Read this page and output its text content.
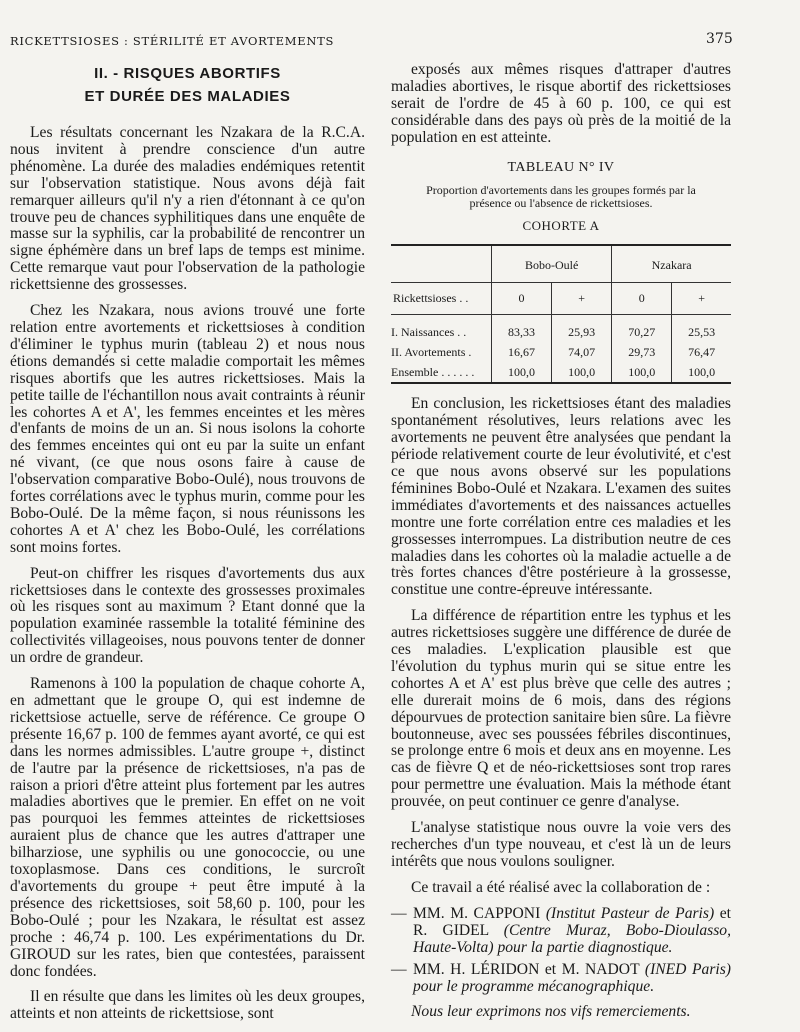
RICKETTSIOSES : STÉRILITÉ ET AVORTEMENTS	375
II. - RISQUES ABORTIFS
ET DURÉE DES MALADIES

Les résultats concernant les Nzakara de la R.C.A. nous invitent à prendre conscience d'un autre phénomène. La durée des maladies endémiques retentit sur l'observation statistique. Nous avons déjà fait remarquer ailleurs qu'il n'y a rien d'étonnant à ce qu'on trouve peu de chances syphilitiques dans une enquête de masse sur la syphilis, car la probabilité de rencontrer un signe éphémère dans un bref laps de temps est minime. Cette remarque vaut pour l'observation de la pathologie rickettsienne des grossesses.

Chez les Nzakara, nous avions trouvé une forte relation entre avortements et rickettsioses à condition d'éliminer le typhus murin (tableau 2) et nous nous étions demandés si cette maladie comportait les mêmes risques abortifs que les autres rickettsioses. Mais la petite taille de l'échantillon nous avait contraints à réunir les cohortes A et A', les femmes enceintes et les mères d'enfants de moins de un an. Si nous isolons la cohorte des femmes enceintes qui ont eu par la suite un enfant né vivant, (ce que nous osons faire à cause de l'observation comparative Bobo-Oulé), nous trouvons de fortes corrélations avec le typhus murin, comme pour les Bobo-Oulé. De la même façon, si nous réunissons les cohortes A et A' chez les Bobo-Oulé, les corrélations sont moins fortes.

Peut-on chiffrer les risques d'avortements dus aux rickettsioses dans le contexte des grossesses proximales où les risques sont au maximum ? Etant donné que la population examinée rassemble la totalité féminine des collectivités villageoises, nous pouvons tenter de donner un ordre de grandeur.

Ramenons à 100 la population de chaque cohorte A, en admettant que le groupe O, qui est indemne de rickettsiose actuelle, serve de référence. Ce groupe O présente 16,67 p. 100 de femmes ayant avorté, ce qui est dans les normes admissibles. L'autre groupe +, distinct de l'autre par la présence de rickettsioses, n'a pas de raison a priori d'être atteint plus fortement par les autres maladies abortives que le premier. En effet on ne voit pas pourquoi les femmes atteintes de rickettsioses auraient plus de chance que les autres d'attraper une bilharziose, une syphilis ou une gonococcie, ou une toxoplasmose. Dans ces conditions, le surcroît d'avortements du groupe + peut être imputé à la présence des rickettsioses, soit 58,60 p. 100, pour les Bobo-Oulé ; pour les Nzakara, le résultat est assez proche : 46,74 p. 100. Les expérimentations du Dr. GIROUD sur les rates, bien que contestées, paraissent donc fondées.

Il en résulte que dans les limites où les deux groupes, atteints et non atteints de rickettsiose, sont

exposés aux mêmes risques d'attraper d'autres maladies abortives, le risque abortif des rickettsioses serait de l'ordre de 45 à 60 p. 100, ce qui est considérable dans des pays où près de la moitié de la population en est atteinte.

TABLEAU N° IV
Proportion d'avortements dans les groupes formés par la présence ou l'absence de rickettsioses.
COHORTE A
	Bobo-Oulé		Nzakara	
Rickettsioses . .	0	+	0	+
I. Naissances . .	83,33	25,93	70,27	25,53
II. Avortements .	16,67	74,07	29,73	76,47
Ensemble . . . . . .	100,0	100,0	100,0	100,0

En conclusion, les rickettsioses étant des maladies spontanément résolutives, leurs relations avec les avortements ne peuvent être analysées que pendant la période relativement courte de leur évolutivité, et c'est ce que nous avons observé sur les populations féminines Bobo-Oulé et Nzakara. L'examen des suites immédiates d'avortements et des naissances actuelles montre une forte corrélation entre ces maladies et les grossesses interrompues. La distribution neutre de ces maladies dans les cohortes où la maladie actuelle a de très fortes chances d'être postérieure à la grossesse, constitue une contre-épreuve intéressante.

La différence de répartition entre les typhus et les autres rickettsioses suggère une différence de durée de ces maladies. L'explication plausible est que l'évolution du typhus murin qui se situe entre les cohortes A et A' est plus brève que celle des autres ; elle durerait moins de 6 mois, dans des régions dépourvues de protection sanitaire bien sûre. La fièvre boutonneuse, avec ses poussées fébriles discontinues, se prolonge entre 6 mois et deux ans en moyenne. Les cas de fièvre Q et de néo-rickettsioses sont trop rares pour permettre une évaluation. Mais la méthode étant prouvée, on peut continuer ce genre d'analyse.

L'analyse statistique nous ouvre la voie vers des recherches d'un type nouveau, et c'est là un de leurs intérêts que nous voulons souligner.

Ce travail a été réalisé avec la collaboration de :

— MM. M. CAPPONI (Institut Pasteur de Paris) et R. GIDEL (Centre Muraz, Bobo-Dioulasso, Haute-Volta) pour la partie diagnostique.
— MM. H. LÉRIDON et M. NADOT (INED Paris) pour le programme mécanographique.

Nous leur exprimons nos vifs remerciements.
